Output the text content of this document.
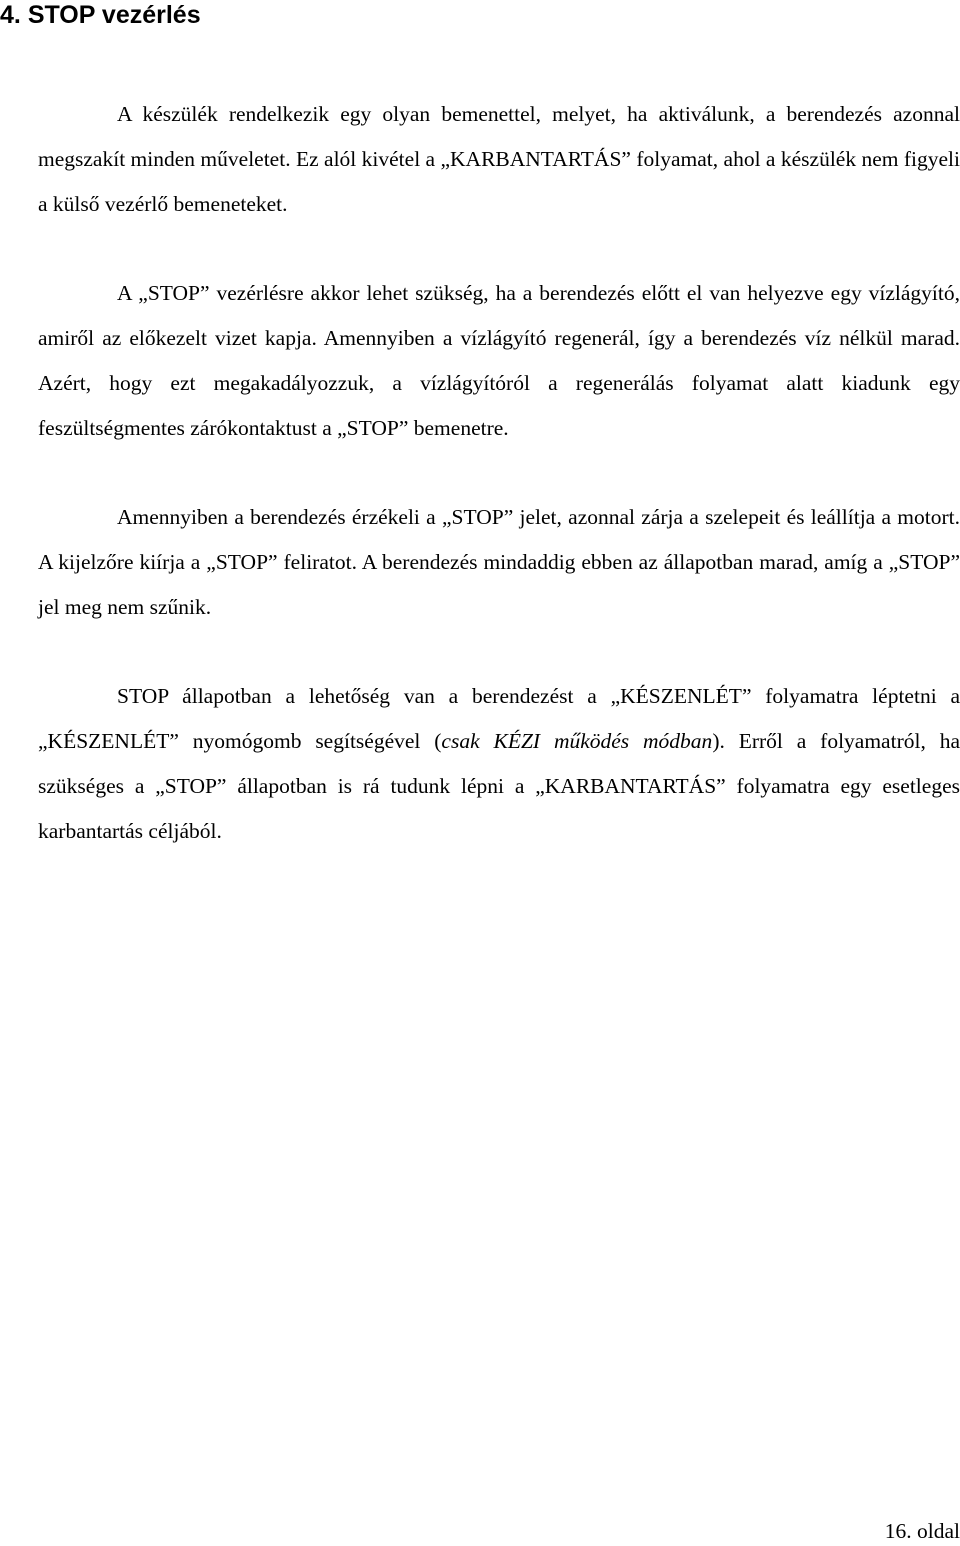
4. STOP vezérlés

A készülék rendelkezik egy olyan bemenettel, melyet, ha aktiválunk, a berendezés azonnal megszakít minden műveletet. Ez alól kivétel a „KARBANTARTÁS” folyamat, ahol a készülék nem figyeli a külső vezérlő bemeneteket.

A „STOP” vezérlésre akkor lehet szükség, ha a berendezés előtt el van helyezve egy vízlágyító, amiről az előkezelt vizet kapja. Amennyiben a vízlágyító regenerál, így a berendezés víz nélkül marad. Azért, hogy ezt megakadályozzuk, a vízlágyítóról a regenerálás folyamat alatt kiadunk egy feszültségmentes zárókontaktust a „STOP” bemenetre.

Amennyiben a berendezés érzékeli a „STOP” jelet, azonnal zárja a szelepeit és leállítja a motort. A kijelzőre kiírja a „STOP” feliratot. A berendezés mindaddig ebben az állapotban marad, amíg a „STOP” jel meg nem szűnik.

STOP állapotban a lehetőség van a berendezést a „KÉSZENLÉT” folyamatra léptetni a „KÉSZENLÉT” nyomógomb segítségével (csak KÉZI működés módban). Erről a folyamatról, ha szükséges a „STOP” állapotban is rá tudunk lépni a „KARBANTARTÁS” folyamatra egy esetleges karbantartás céljából.

16. oldal
